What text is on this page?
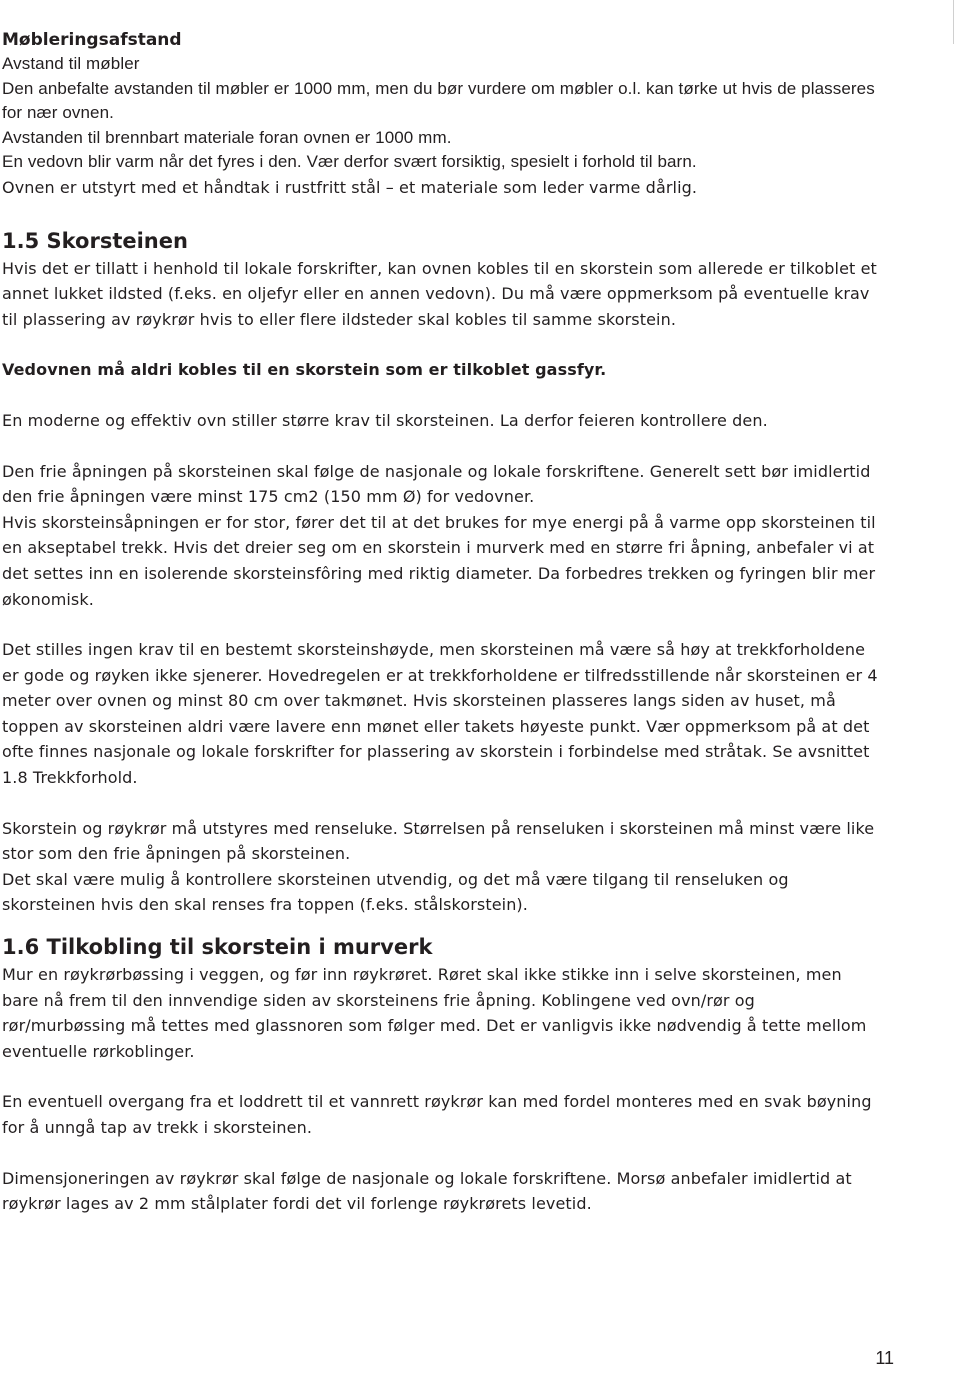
Møbleringsafstand

Avstand til møbler

Den anbefalte avstanden til møbler er 1000 mm, men du bør vurdere om møbler o.l. kan tørke ut hvis de plasseres for nær ovnen.

Avstanden til brennbart materiale foran ovnen er 1000 mm.

En vedovn blir varm når det fyres i den. Vær derfor svært forsiktig, spesielt i forhold til barn.

Ovnen er utstyrt med et håndtak i rustfritt stål – et materiale som leder varme dårlig.

1.5 Skorsteinen

Hvis det er tillatt i henhold til lokale forskrifter, kan ovnen kobles til en skorstein som allerede er tilkoblet et annet lukket ildsted (f.eks. en oljefyr eller en annen vedovn). Du må være oppmerksom på eventuelle krav til plassering av røykrør hvis to eller flere ildsteder skal kobles til samme skorstein.

Vedovnen må aldri kobles til en skorstein som er tilkoblet gassfyr.

En moderne og effektiv ovn stiller større krav til skorsteinen. La derfor feieren kontrollere den.

Den frie åpningen på skorsteinen skal følge de nasjonale og lokale forskriftene. Generelt sett bør imidlertid den frie åpningen være minst 175 cm2 (150 mm Ø) for vedovner.

Hvis skorsteinsåpningen er for stor, fører det til at det brukes for mye energi på å varme opp skorsteinen til en akseptabel trekk. Hvis det dreier seg om en skorstein i murverk med en større fri åpning, anbefaler vi at det settes inn en isolerende skorsteinsfôring med riktig diameter. Da forbedres trekken og fyringen blir mer økonomisk.

Det stilles ingen krav til en bestemt skorsteinshøyde, men skorsteinen må være så høy at trekkforholdene er gode og røyken ikke sjenerer. Hovedregelen er at trekkforholdene er tilfredsstillende når skorsteinen er 4 meter over ovnen og minst 80 cm over takmønet. Hvis skorsteinen plasseres langs siden av huset, må toppen av skorsteinen aldri være lavere enn mønet eller takets høyeste punkt. Vær oppmerksom på at det ofte finnes nasjonale og lokale forskrifter for plassering av skorstein i forbindelse med stråtak. Se avsnittet 1.8 Trekkforhold.

Skorstein og røykrør må utstyres med renseluke. Størrelsen på renseluken i skorsteinen må minst være like stor som den frie åpningen på skorsteinen.

Det skal være mulig å kontrollere skorsteinen utvendig, og det må være tilgang til renseluken og skorsteinen hvis den skal renses fra toppen (f.eks. stålskorstein).

1.6 Tilkobling til skorstein i murverk

Mur en røykrørbøssing i veggen, og før inn røykrøret. Røret skal ikke stikke inn i selve skorsteinen, men bare nå frem til den innvendige siden av skorsteinens frie åpning. Koblingene ved ovn/rør og rør/murbøssing må tettes med glassnoren som følger med. Det er vanligvis ikke nødvendig å tette mellom eventuelle rørkoblinger.

En eventuell overgang fra et loddrett til et vannrett røykrør kan med fordel monteres med en svak bøyning for å unngå tap av trekk i skorsteinen.

Dimensjoneringen av røykrør skal følge de nasjonale og lokale forskriftene. Morsø anbefaler imidlertid at røykrør lages av 2 mm stålplater fordi det vil forlenge røykrørets levetid.

11
